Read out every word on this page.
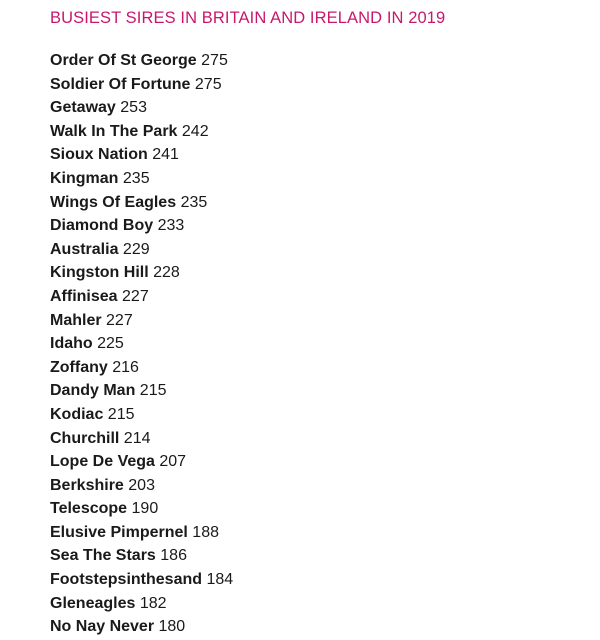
BUSIEST SIRES IN BRITAIN AND IRELAND IN 2019
Order Of St George 275
Soldier Of Fortune 275
Getaway 253
Walk In The Park 242
Sioux Nation 241
Kingman 235
Wings Of Eagles 235
Diamond Boy 233
Australia 229
Kingston Hill 228
Affinisea 227
Mahler 227
Idaho 225
Zoffany 216
Dandy Man 215
Kodiac 215
Churchill 214
Lope De Vega 207
Berkshire 203
Telescope 190
Elusive Pimpernel 188
Sea The Stars 186
Footstepsinthesand 184
Gleneagles 182
No Nay Never 180
